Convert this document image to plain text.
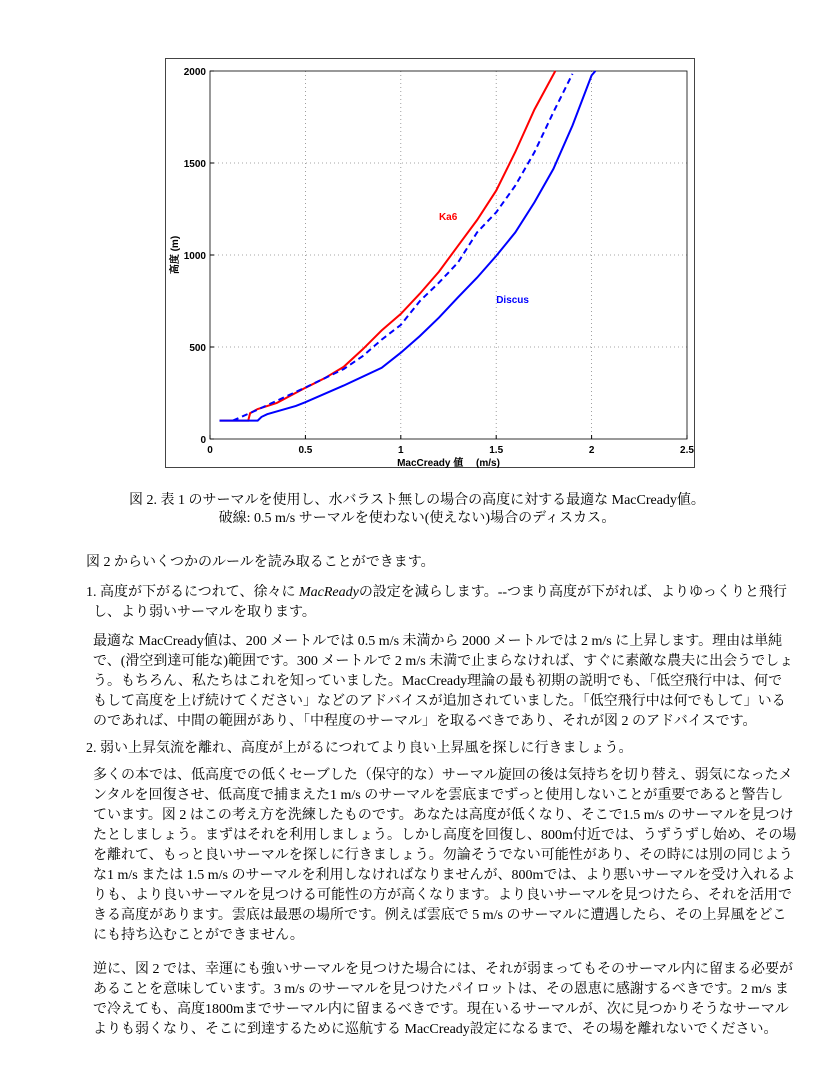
0	0.5	1	1.5	2	2.5
0
500
1000
1500
2000
Ka6
Discus
MacCready 値　 (m/s)
高度 (m)
図 2. 表 1 のサーマルを使用し、水バラスト無しの場合の高度に対する最適な MacCready値。
破線: 0.5 m/s サーマルを使わない(使えない)場合のディスカス。
図 2 からいくつかのルールを読み取ることができます。
1. 高度が下がるにつれて、徐々に MacReadyの設定を減らします。--つまり高度が下がれば、よりゆっくりと飛行
し、より弱いサーマルを取ります。
最適な MacCready値は、200 メートルでは 0.5 m/s 未満から 2000 メートルでは 2 m/s に上昇します。理由は単純
で、(滑空到達可能な)範囲です。300 メートルで 2 m/s 未満で止まらなければ、すぐに素敵な農夫に出会うでしょ
う。もちろん、私たちはこれを知っていました。MacCready理論の最も初期の説明でも、「低空飛行中は、何で
もして高度を上げ続けてください」などのアドバイスが追加されていました。「低空飛行中は何でもして」いる
のであれば、中間の範囲があり、「中程度のサーマル」を取るべきであり、それが図 2 のアドバイスです。
2. 弱い上昇気流を離れ、高度が上がるにつれてより良い上昇風を探しに行きましょう。
多くの本では、低高度での低くセーブした（保守的な）サーマル旋回の後は気持ちを切り替え、弱気になったメ
ンタルを回復させ、低高度で捕まえた1 m/s のサーマルを雲底までずっと使用しないことが重要であると警告し
ています。図 2 はこの考え方を洗練したものです。あなたは高度が低くなり、そこで1.5 m/s のサーマルを見つけ
たとしましょう。まずはそれを利用しましょう。しかし高度を回復し、800m付近では、うずうずし始め、その場
を離れて、もっと良いサーマルを探しに行きましょう。勿論そうでない可能性があり、その時には別の同じよう
な1 m/s または 1.5 m/s のサーマルを利用しなければなりませんが、800mでは、より悪いサーマルを受け入れるよ
りも、より良いサーマルを見つける可能性の方が高くなります。より良いサーマルを見つけたら、それを活用で
きる高度があります。雲底は最悪の場所です。例えば雲底で 5 m/s のサーマルに遭遇したら、その上昇風をどこ
にも持ち込むことができません。
逆に、図 2 では、幸運にも強いサーマルを見つけた場合には、それが弱まってもそのサーマル内に留まる必要が
あることを意味しています。3 m/s のサーマルを見つけたパイロットは、その恩恵に感謝するべきです。2 m/s ま
で冷えても、高度1800mまでサーマル内に留まるべきです。現在いるサーマルが、次に見つかりそうなサーマル
よりも弱くなり、そこに到達するために巡航する MacCready設定になるまで、その場を離れないでください。
